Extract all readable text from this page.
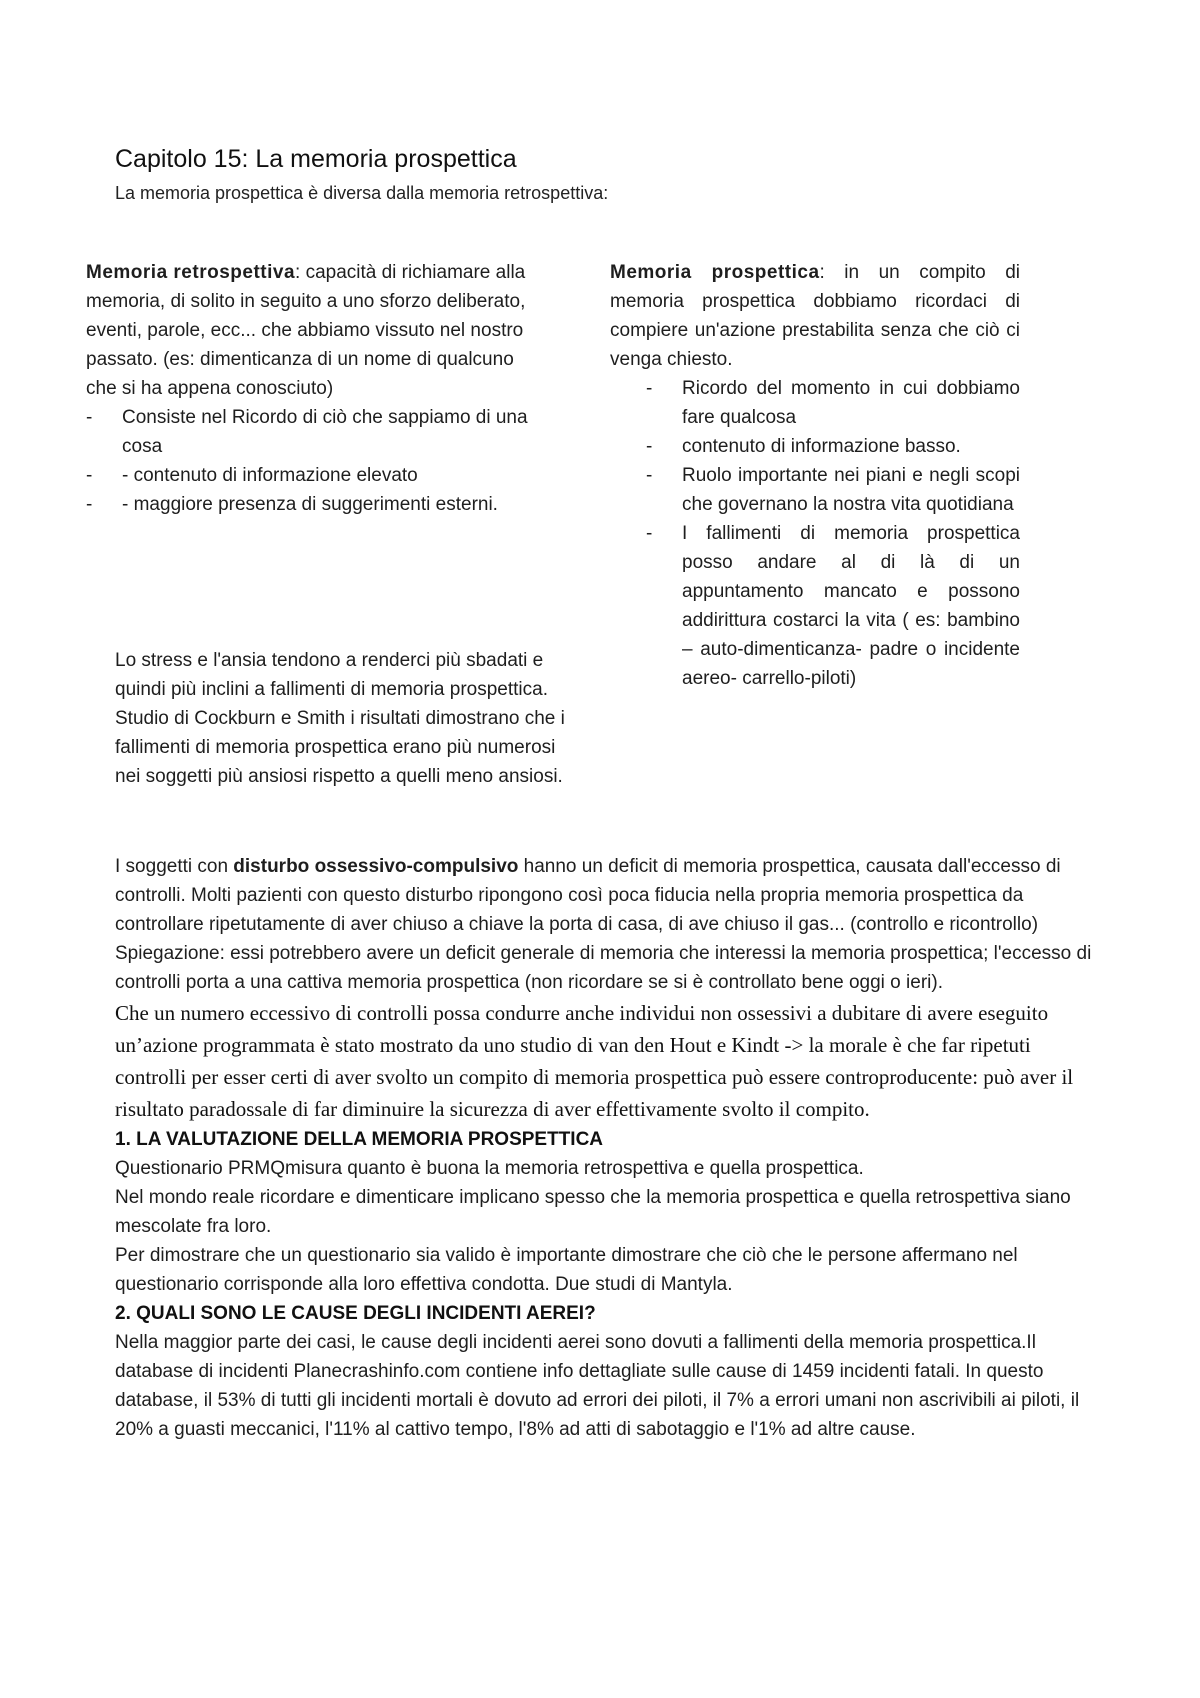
Capitolo 15: La memoria prospettica

La memoria prospettica è diversa dalla memoria retrospettiva:

Memoria retrospettiva: capacità di richiamare alla memoria, di solito in seguito a uno sforzo deliberato, eventi, parole, ecc... che abbiamo vissuto nel nostro passato. (es: dimenticanza di un nome di qualcuno che si ha appena conosciuto)

- Consiste nel Ricordo di ciò che sappiamo di una cosa
- - contenuto di informazione elevato
- - maggiore presenza di suggerimenti esterni.

Memoria prospettica: in un compito di memoria prospettica dobbiamo ricordaci di compiere un'azione prestabilita senza che ciò ci venga chiesto.

- Ricordo del momento in cui dobbiamo fare qualcosa
- contenuto di informazione basso.
- Ruolo importante nei piani e negli scopi che governano la nostra vita quotidiana
- I fallimenti di memoria prospettica posso andare al di là di un appuntamento mancato e possono addirittura costarci la vita ( es: bambino – auto-dimenticanza- padre o incidente aereo- carrello-piloti)

Lo stress e l'ansia tendono a renderci più sbadati e quindi più inclini a fallimenti di memoria prospettica. Studio di Cockburn e Smith i risultati dimostrano che i fallimenti di memoria prospettica erano più numerosi nei soggetti più ansiosi rispetto a quelli meno ansiosi.

I soggetti con disturbo ossessivo-compulsivo hanno un deficit di memoria prospettica, causata dall'eccesso di controlli. Molti pazienti con questo disturbo ripongono così poca fiducia nella propria memoria prospettica da controllare ripetutamente di aver chiuso a chiave la porta di casa, di ave chiuso il gas... (controllo e ricontrollo)

Spiegazione: essi potrebbero avere un deficit generale di memoria che interessi la memoria prospettica; l'eccesso di controlli porta a una cattiva memoria prospettica (non ricordare se si è controllato bene oggi o ieri).

Che un numero eccessivo di controlli possa condurre anche individui non ossessivi a dubitare di avere eseguito un’azione programmata è stato mostrato da uno studio di van den Hout e Kindt -> la morale è che far ripetuti controlli per esser certi di aver svolto un compito di memoria prospettica può essere controproducente: può aver il risultato paradossale di far diminuire la sicurezza di aver effettivamente svolto il compito.

1. LA VALUTAZIONE DELLA MEMORIA PROSPETTICA

Questionario PRMQmisura quanto è buona la memoria retrospettiva e quella prospettica.

Nel mondo reale ricordare e dimenticare implicano spesso che la memoria prospettica e quella retrospettiva siano mescolate fra loro.

Per dimostrare che un questionario sia valido è importante dimostrare che ciò che le persone affermano nel questionario corrisponde alla loro effettiva condotta. Due studi di Mantyla.

2. QUALI SONO LE CAUSE DEGLI INCIDENTI AEREI?

Nella maggior parte dei casi, le cause degli incidenti aerei sono dovuti a fallimenti della memoria prospettica.Il database di incidenti Planecrashinfo.com contiene info dettagliate sulle cause di 1459 incidenti fatali. In questo database, il 53% di tutti gli incidenti mortali è dovuto ad errori dei piloti, il 7% a errori umani non ascrivibili ai piloti, il 20% a guasti meccanici, l'11% al cattivo tempo, l'8% ad atti di sabotaggio e l'1% ad altre cause.
